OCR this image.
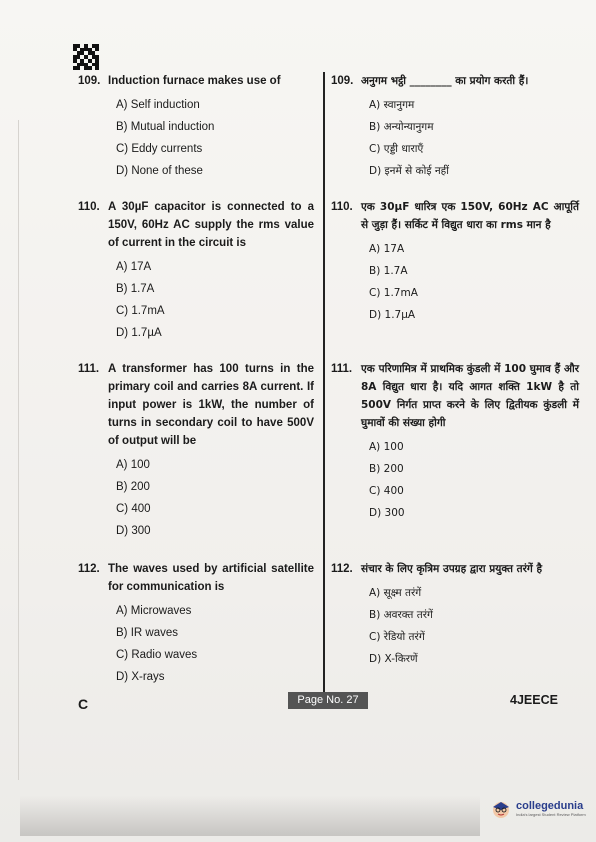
109. Induction furnace makes use of
A) Self induction
B) Mutual induction
C) Eddy currents
D) None of these
110. A 30µF capacitor is connected to a 150V, 60Hz AC supply the rms value of current in the circuit is
A) 17A
B) 1.7A
C) 1.7mA
D) 1.7µA
111. A transformer has 100 turns in the primary coil and carries 8A current. If input power is 1kW, the number of turns in secondary coil to have 500V of output will be
A) 100
B) 200
C) 400
D) 300
112. The waves used by artificial satellite for communication is
A) Microwaves
B) IR waves
C) Radio waves
D) X-rays
109. अनुगम भट्ठी ________ का प्रयोग करती हैं।
A) स्वानुगम
B) अन्योन्यानुगम
C) एड्डी धाराएँ
D) इनमें से कोई नहीं
110. एक 30µF धारित्र एक 150V, 60Hz AC आपूर्ति से जुड़ा हैं। सर्किट में विद्युत धारा का rms मान है
A) 17A
B) 1.7A
C) 1.7mA
D) 1.7µA
111. एक परिणामित्र में प्राथमिक कुंडली में 100 घुमाव हैं और 8A विद्युत धारा है। यदि आगत शक्ति 1kW है तो 500V निर्गत प्राप्त करने के लिए द्वितीयक कुंडली में घुमावों की संख्या होगी
A) 100
B) 200
C) 400
D) 300
112. संचार के लिए कृत्रिम उपग्रह द्वारा प्रयुक्त तरंगें है
A) सूक्ष्म तरंगें
B) अवरक्त तरंगें
C) रेडियो तरंगें
D) X-किरणें
C	Page No. 27	4JEECE
collegedunia
India's largest Student Review Platform
